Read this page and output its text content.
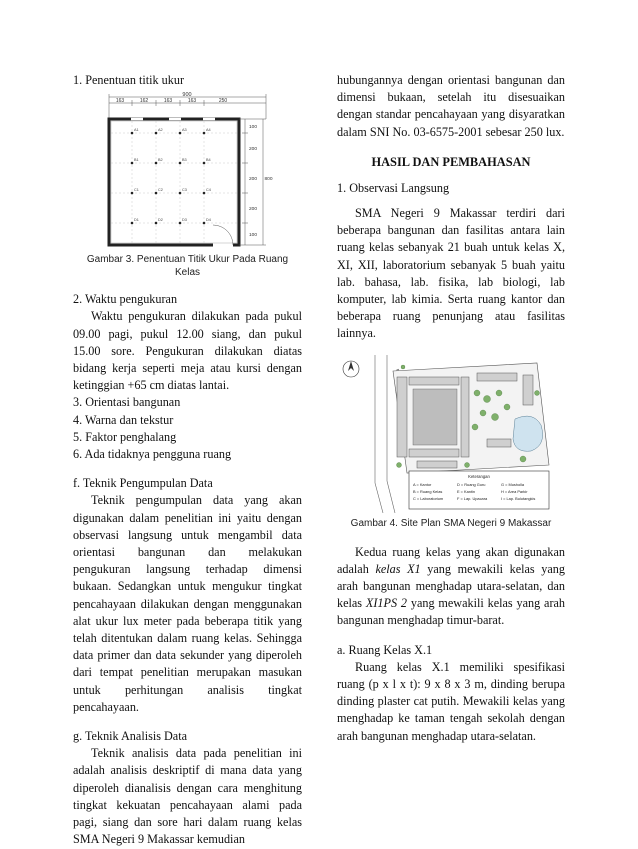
1. Penentuan titik ukur

900
163	162	163	163	250
A1	A2	A3	A4
B1	B2	B3	B4
C1	C2	C3	C4
D1	D2	D3	D4
100
200
200
200
100
800
Gambar 3. Penentuan Titik Ukur Pada Ruang Kelas

2. Waktu pengukuran

Waktu pengukuran dilakukan pada pukul 09.00 pagi, pukul 12.00 siang, dan pukul 15.00 sore. Pengukuran dilakukan diatas bidang kerja seperti meja atau kursi dengan ketinggian +65 cm diatas lantai.

3. Orientasi bangunan

4. Warna dan tekstur

5. Faktor penghalang

6. Ada tidaknya pengguna ruang

f. Teknik Pengumpulan Data

Teknik pengumpulan data yang akan digunakan dalam penelitian ini yaitu dengan observasi langsung untuk mengambil data orientasi bangunan dan melakukan pengukuran langsung terhadap dimensi bukaan. Sedangkan untuk mengukur tingkat pencahayaan dilakukan dengan menggunakan alat ukur lux meter pada beberapa titik yang telah ditentukan dalam ruang kelas. Sehingga data primer dan data sekunder yang diperoleh dari tempat penelitian merupakan masukan untuk perhitungan analisis tingkat pencahayaan.

g. Teknik Analisis Data

Teknik analisis data pada penelitian ini adalah analisis deskriptif di mana data yang diperoleh dianalisis dengan cara menghitung tingkat kekuatan pencahayaan alami pada pagi, siang dan sore hari dalam ruang kelas SMA Negeri 9 Makassar kemudian

hubungannya dengan orientasi bangunan dan dimensi bukaan, setelah itu disesuaikan dengan standar pencahayaan yang disyaratkan dalam SNI No. 03-6575-2001 sebesar 250 lux.

HASIL DAN PEMBAHASAN

1. Observasi Langsung

SMA Negeri 9 Makassar terdiri dari beberapa bangunan dan fasilitas antara lain ruang kelas sebanyak 21 buah untuk kelas X, XI, XII, laboratorium sebanyak 5 buah yaitu lab. bahasa, lab. fisika, lab biologi, lab komputer, lab kimia. Serta ruang kantor dan beberapa ruang penunjang atau fasilitas lainnya.

Keterangan
A = Kantor
B = Ruang Kelas
C = Laboratorium
D = Ruang Guru
E = Kantin
F = Lap. Upacara
G = Musholla
H = Area Parkir
I = Lap. Bulutangkis
Gambar 4. Site Plan SMA Negeri 9 Makassar

Kedua ruang kelas yang akan digunakan adalah kelas X1 yang mewakili kelas yang arah bangunan menghadap utara-selatan, dan kelas XI1PS 2 yang mewakili kelas yang arah bangunan menghadap timur-barat.

a. Ruang Kelas X.1

Ruang kelas X.1 memiliki spesifikasi ruang (p x l x t): 9 x 8 x 3 m, dinding berupa dinding plaster cat putih. Mewakili kelas yang menghadap ke taman tengah sekolah dengan arah bangunan menghadap utara-selatan.
